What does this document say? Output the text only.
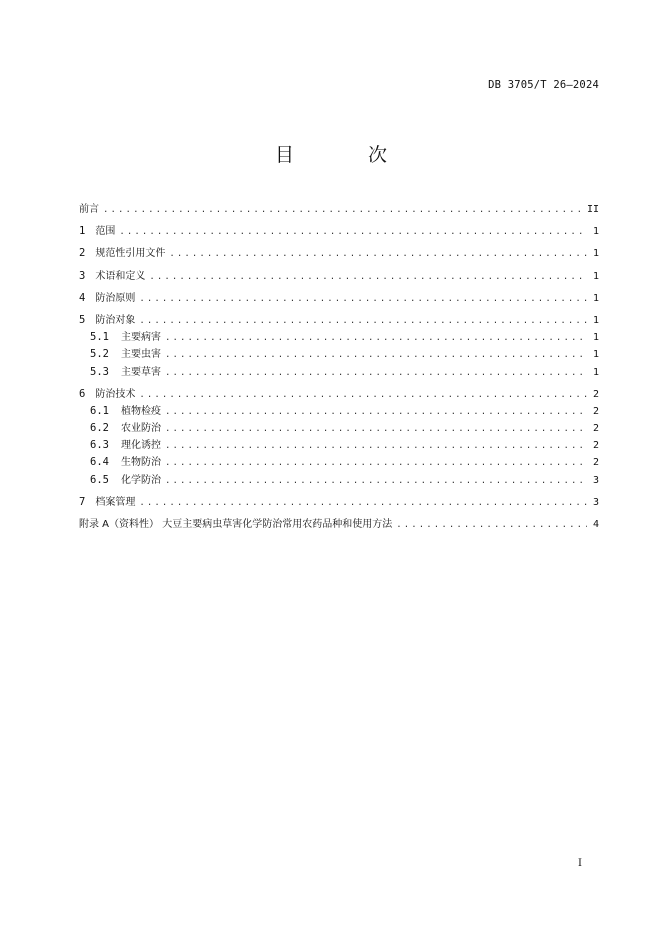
DB 3705/T 26—2024
目 次
前言 .....	II
1	范围 .....	1
2	规范性引用文件 .....	1
3	术语和定义 .....	1
4	防治原则 .....	1
5	防治对象 .....	1
5.1	主要病害 .....	1
5.2	主要虫害 .....	1
5.3	主要草害 .....	1
6	防治技术 .....	2
6.1	植物检疫 .....	2
6.2	农业防治 .....	2
6.3	理化诱控 .....	2
6.4	生物防治 .....	2
6.5	化学防治 .....	3
7	档案管理 .....	3
附录 A（资料性） 大豆主要病虫草害化学防治常用农药品种和使用方法 .....	4
I
